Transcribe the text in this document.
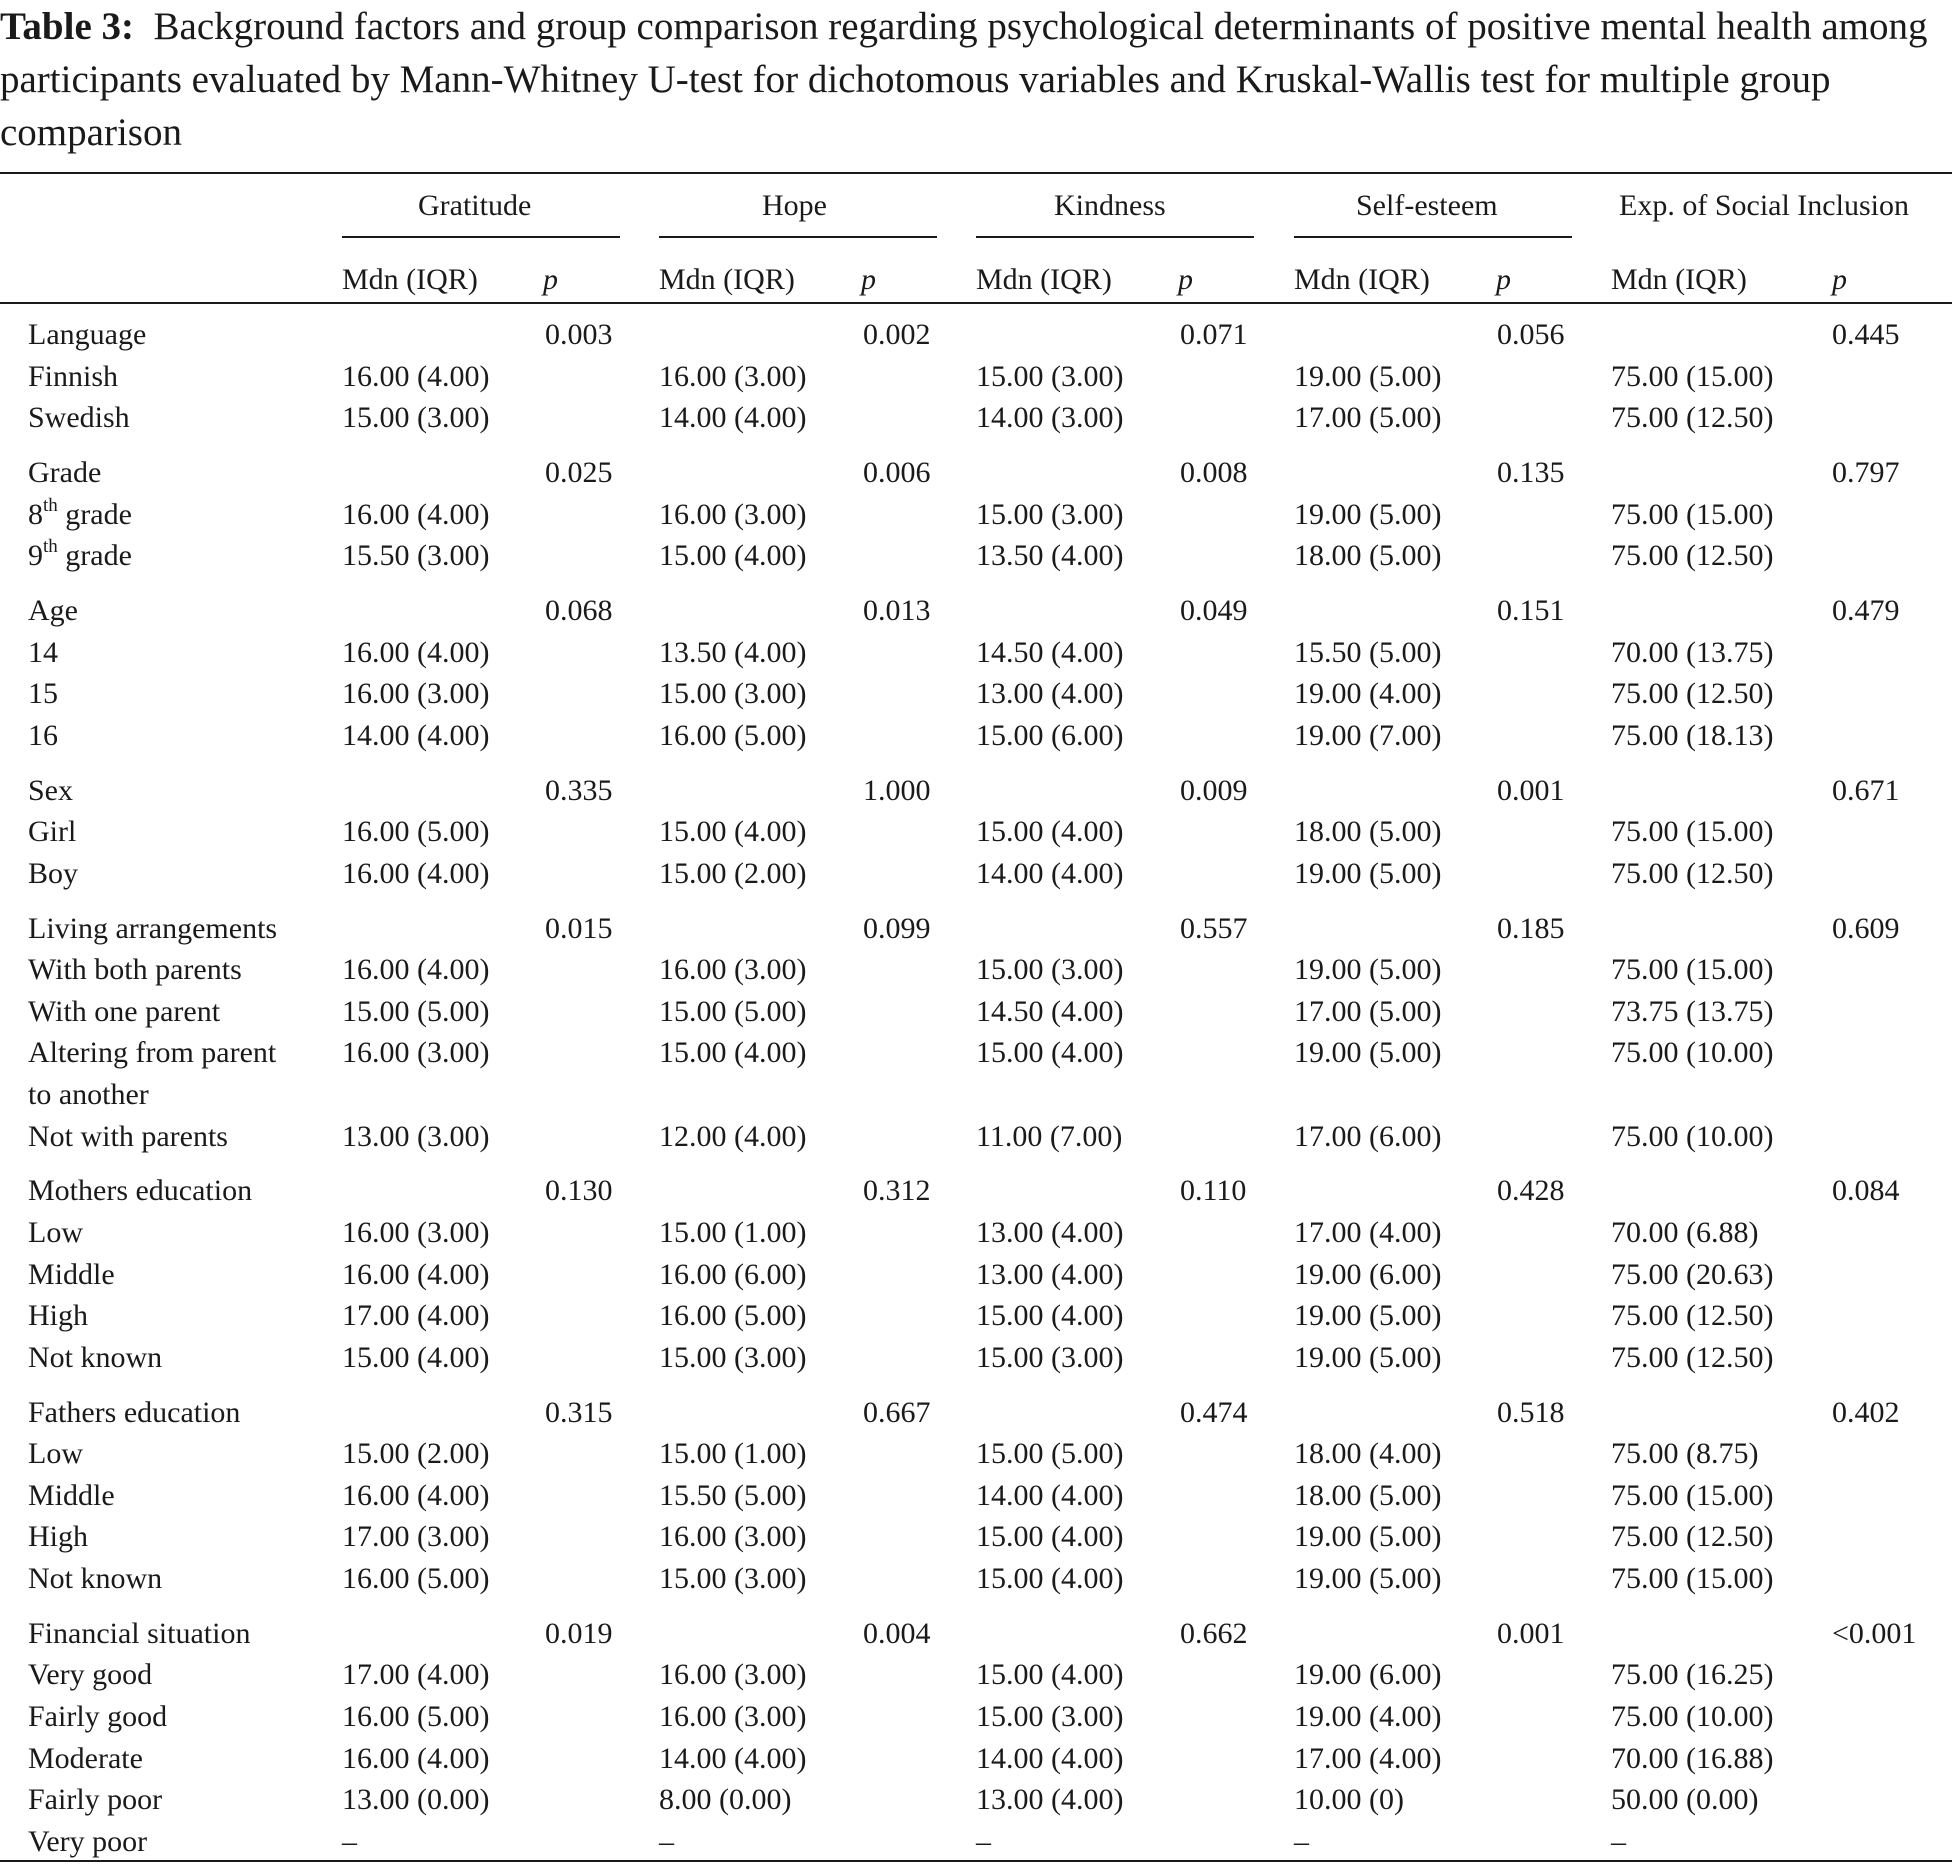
Table 3: Background factors and group comparison regarding psychological determinants of positive mental health among participants evaluated by Mann-Whitney U-test for dichotomous variables and Kruskal-Wallis test for multiple group comparison

Gratitude	Hope	Kindness	Self-esteem	Exp. of Social Inclusion
Mdn (IQR) p	Mdn (IQR) p	Mdn (IQR) p	Mdn (IQR) p	Mdn (IQR)	p
Language	0.003	0.002	0.071	0.056	0.445
Finnish	16.00 (4.00)	16.00 (3.00)	15.00 (3.00)	19.00 (5.00)	75.00 (15.00)
Swedish	15.00 (3.00)	14.00 (4.00)	14.00 (3.00)	17.00 (5.00)	75.00 (12.50)
Grade	0.025	0.006	0.008	0.135	0.797
8th grade	16.00 (4.00)	16.00 (3.00)	15.00 (3.00)	19.00 (5.00)	75.00 (15.00)
9th grade	15.50 (3.00)	15.00 (4.00)	13.50 (4.00)	18.00 (5.00)	75.00 (12.50)
Age	0.068	0.013	0.049	0.151	0.479
14	16.00 (4.00)	13.50 (4.00)	14.50 (4.00)	15.50 (5.00)	70.00 (13.75)
15	16.00 (3.00)	15.00 (3.00)	13.00 (4.00)	19.00 (4.00)	75.00 (12.50)
16	14.00 (4.00)	16.00 (5.00)	15.00 (6.00)	19.00 (7.00)	75.00 (18.13)
Sex	0.335	1.000	0.009	0.001	0.671
Girl	16.00 (5.00)	15.00 (4.00)	15.00 (4.00)	18.00 (5.00)	75.00 (15.00)
Boy	16.00 (4.00)	15.00 (2.00)	14.00 (4.00)	19.00 (5.00)	75.00 (12.50)
Living arrangements	0.015	0.099	0.557	0.185	0.609
With both parents	16.00 (4.00)	16.00 (3.00)	15.00 (3.00)	19.00 (5.00)	75.00 (15.00)
With one parent	15.00 (5.00)	15.00 (5.00)	14.50 (4.00)	17.00 (5.00)	73.75 (13.75)
Altering from parent 16.00 (3.00)	15.00 (4.00)	15.00 (4.00)	19.00 (5.00)	75.00 (10.00)
to another
Not with parents	13.00 (3.00)	12.00 (4.00)	11.00 (7.00)	17.00 (6.00)	75.00 (10.00)
Mothers education	0.130	0.312	0.110	0.428	0.084
Low	16.00 (3.00)	15.00 (1.00)	13.00 (4.00)	17.00 (4.00)	70.00 (6.88)
Middle	16.00 (4.00)	16.00 (6.00)	13.00 (4.00)	19.00 (6.00)	75.00 (20.63)
High	17.00 (4.00)	16.00 (5.00)	15.00 (4.00)	19.00 (5.00)	75.00 (12.50)
Not known	15.00 (4.00)	15.00 (3.00)	15.00 (3.00)	19.00 (5.00)	75.00 (12.50)
Fathers education	0.315	0.667	0.474	0.518	0.402
Low	15.00 (2.00)	15.00 (1.00)	15.00 (5.00)	18.00 (4.00)	75.00 (8.75)
Middle	16.00 (4.00)	15.50 (5.00)	14.00 (4.00)	18.00 (5.00)	75.00 (15.00)
High	17.00 (3.00)	16.00 (3.00)	15.00 (4.00)	19.00 (5.00)	75.00 (12.50)
Not known	16.00 (5.00)	15.00 (3.00)	15.00 (4.00)	19.00 (5.00)	75.00 (15.00)
Financial situation	0.019	0.004	0.662	0.001	<0.001
Very good	17.00 (4.00)	16.00 (3.00)	15.00 (4.00)	19.00 (6.00)	75.00 (16.25)
Fairly good	16.00 (5.00)	16.00 (3.00)	15.00 (3.00)	19.00 (4.00)	75.00 (10.00)
Moderate	16.00 (4.00)	14.00 (4.00)	14.00 (4.00)	17.00 (4.00)	70.00 (16.88)
Fairly poor	13.00 (0.00)	8.00 (0.00)	13.00 (4.00)	10.00 (0)	50.00 (0.00)
Very poor	–	–	–	–	–
